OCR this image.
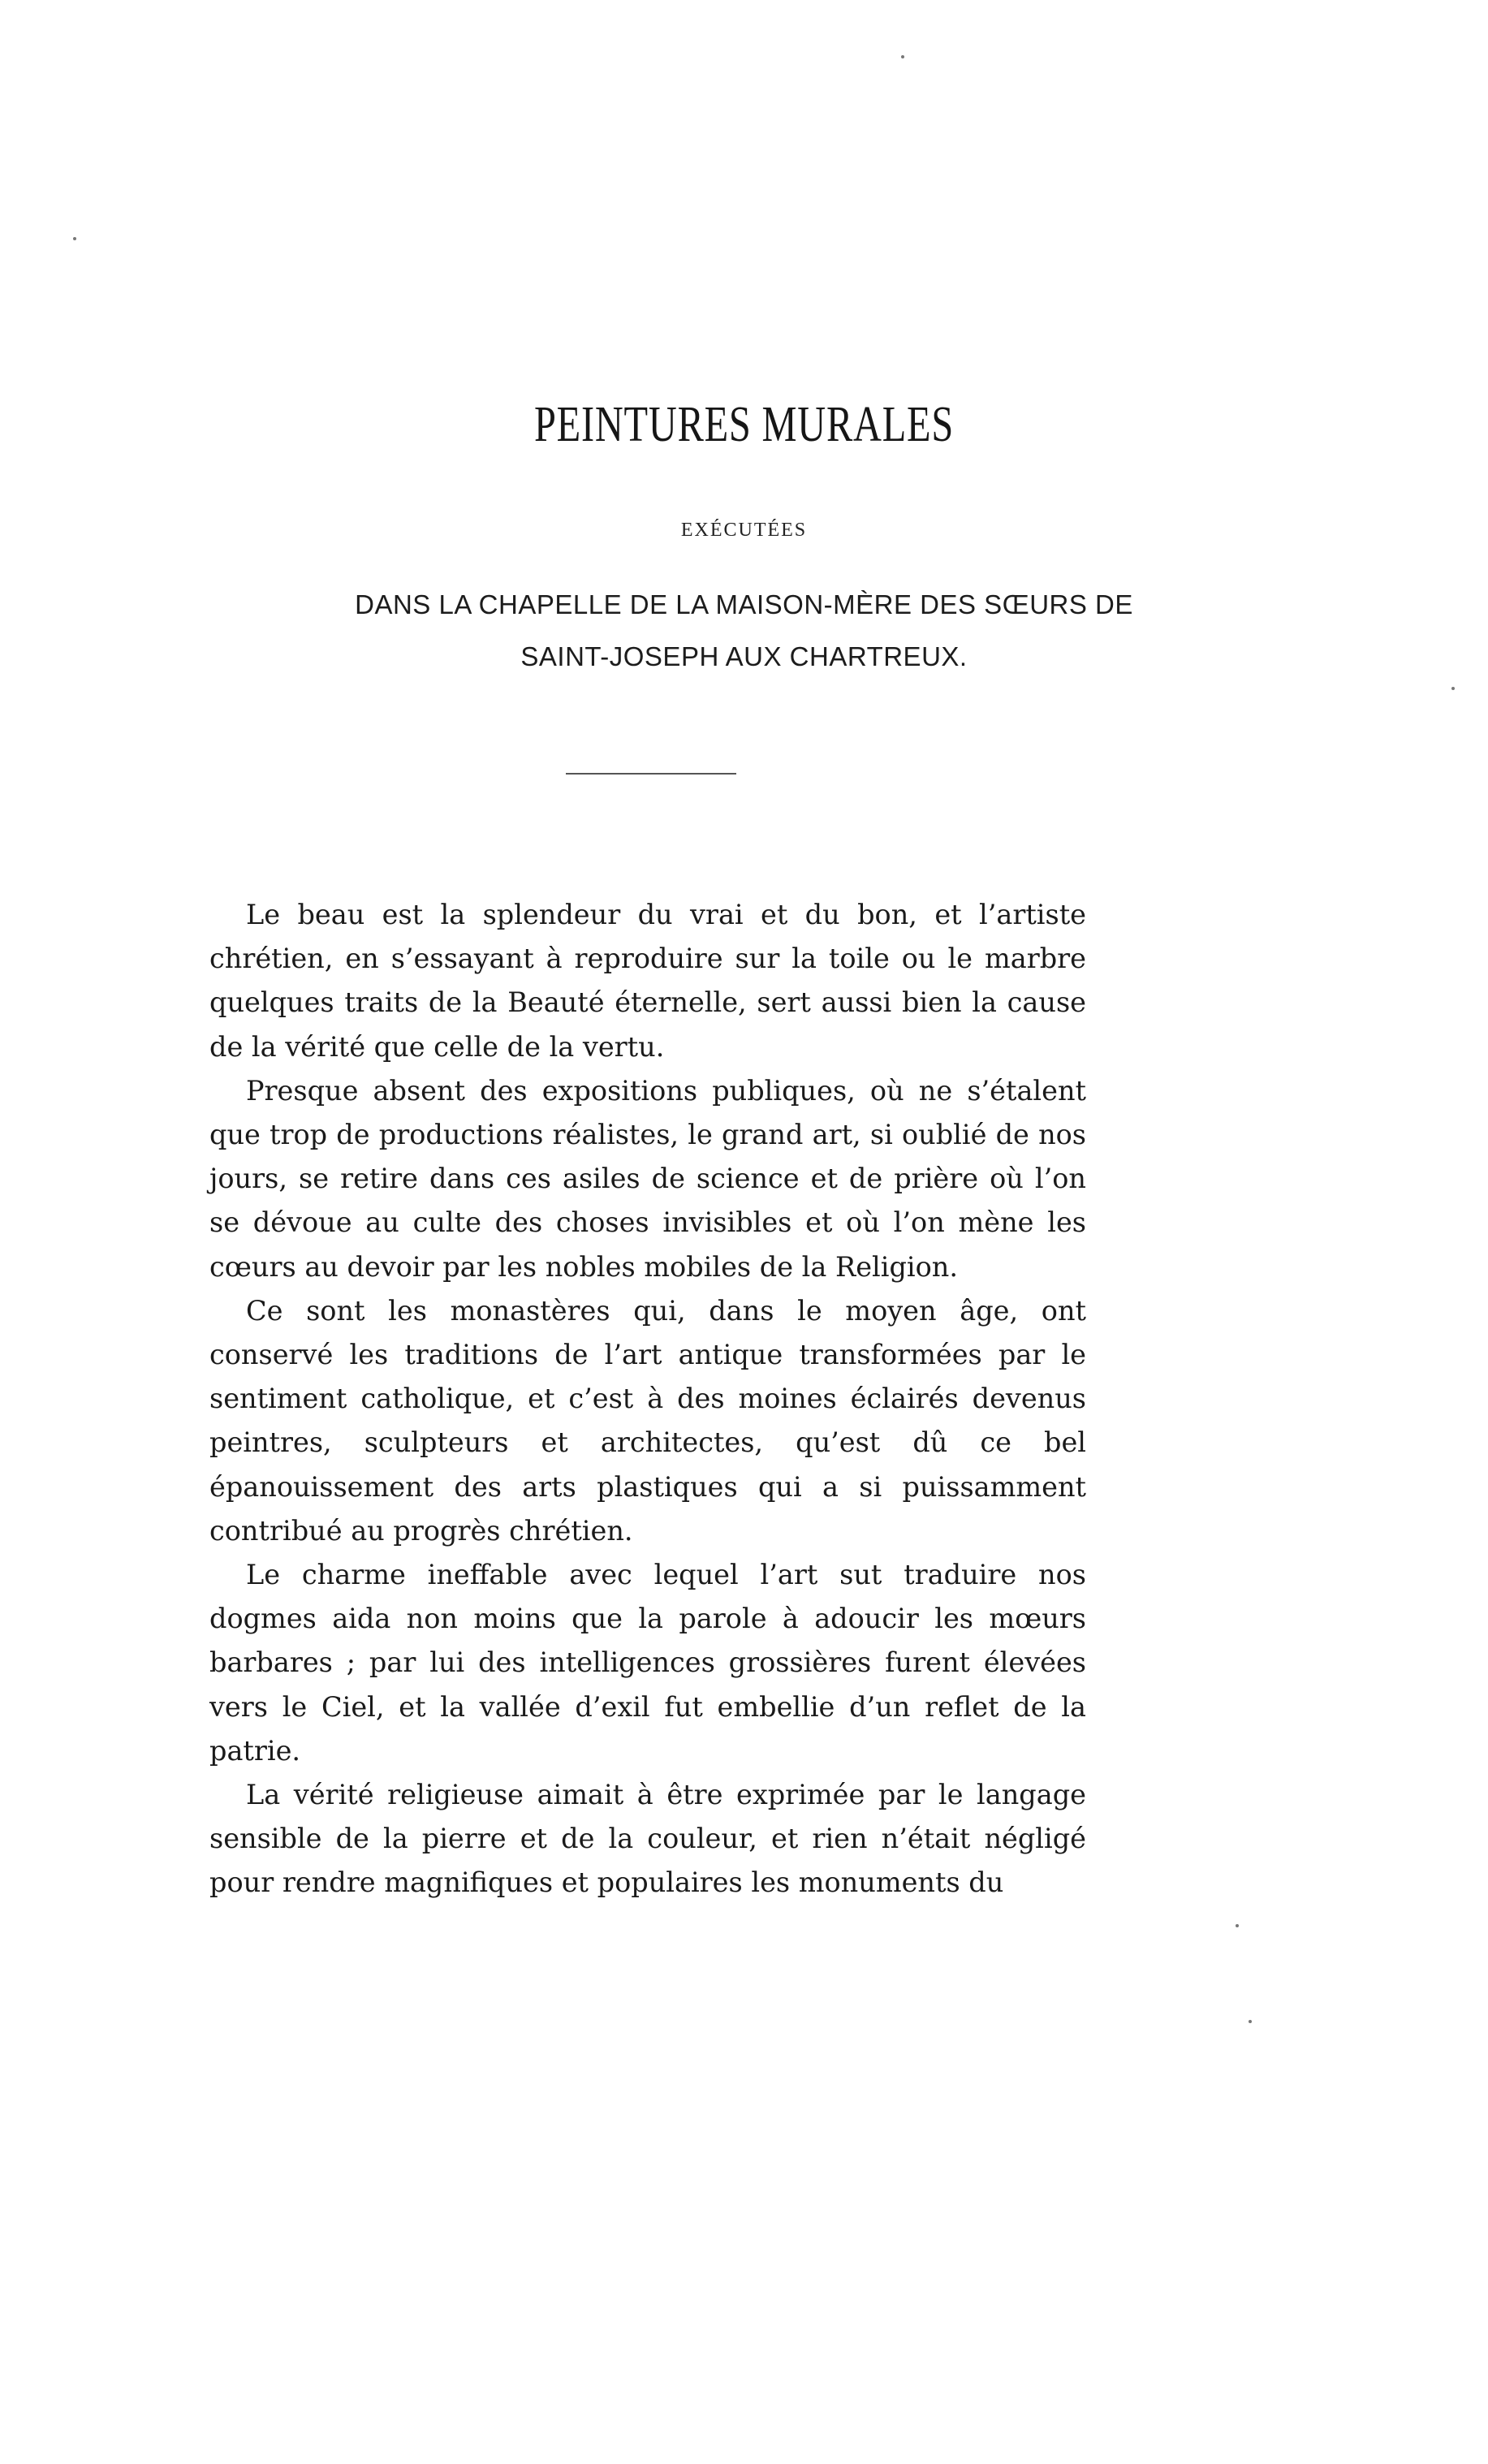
PEINTURES MURALES
EXÉCUTÉES
DANS LA CHAPELLE DE LA MAISON-MÈRE DES SŒURS DE
SAINT-JOSEPH AUX CHARTREUX.

Le beau est la splendeur du vrai et du bon, et l’artiste chrétien, en s’essayant à reproduire sur la toile ou le marbre quelques traits de la Beauté éternelle, sert aussi bien la cause de la vérité que celle de la vertu.

Presque absent des expositions publiques, où ne s’étalent que trop de productions réalistes, le grand art, si oublié de nos jours, se retire dans ces asiles de science et de prière où l’on se dévoue au culte des choses invisibles et où l’on mène les cœurs au devoir par les nobles mobiles de la Religion.

Ce sont les monastères qui, dans le moyen âge, ont conservé les traditions de l’art antique transformées par le sentiment catholique, et c’est à des moines éclairés devenus peintres, sculpteurs et architectes, qu’est dû ce bel épanouissement des arts plastiques qui a si puissamment contribué au progrès chrétien.

Le charme ineffable avec lequel l’art sut traduire nos dogmes aida non moins que la parole à adoucir les mœurs barbares ; par lui des intelligences grossières furent élevées vers le Ciel, et la vallée d’exil fut embellie d’un reflet de la patrie.

La vérité religieuse aimait à être exprimée par le langage sensible de la pierre et de la couleur, et rien n’était négligé pour rendre magnifiques et populaires les monuments du
